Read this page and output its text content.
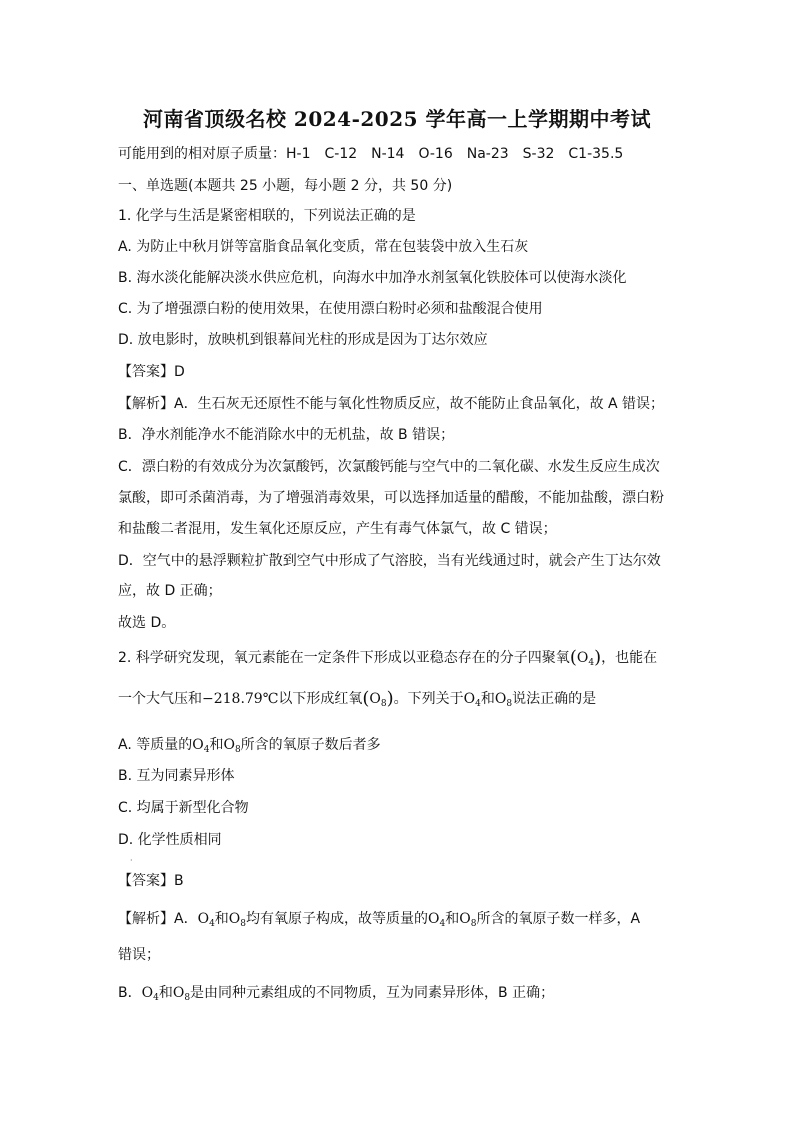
河南省顶级名校 2024-2025 学年高一上学期期中考试
可能用到的相对原子质量：H-1　C-12　N-14　O-16　Na-23　S-32　C1-35.5
一、单选题(本题共 25 小题，每小题 2 分，共 50 分)
1. 化学与生活是紧密相联的，下列说法正确的是
A. 为防止中秋月饼等富脂食品氧化变质，常在包装袋中放入生石灰
B. 海水淡化能解决淡水供应危机，向海水中加净水剂氢氧化铁胶体可以使海水淡化
C. 为了增强漂白粉的使用效果，在使用漂白粉时必须和盐酸混合使用
D. 放电影时，放映机到银幕间光柱的形成是因为丁达尔效应
【答案】D
【解析】A．生石灰无还原性不能与氧化性物质反应，故不能防止食品氧化，故 A 错误；
B．净水剂能净水不能消除水中的无机盐，故 B 错误；
C．漂白粉的有效成分为次氯酸钙，次氯酸钙能与空气中的二氧化碳、水发生反应生成次
氯酸，即可杀菌消毒，为了增强消毒效果，可以选择加适量的醋酸，不能加盐酸，漂白粉
和盐酸二者混用，发生氧化还原反应，产生有毒气体氯气，故 C 错误；
D．空气中的悬浮颗粒扩散到空气中形成了气溶胶，当有光线通过时，就会产生丁达尔效
应，故 D 正确；
故选 D。
2. 科学研究发现，氧元素能在一定条件下形成以亚稳态存在的分子四聚氧$(O_4)$，也能在
一个大气压和−218.79℃以下形成红氧$(O_8)$。下列关于$O_4$和$O_8$说法正确的是
A. 等质量的$O_4$和$O_8$所含的氧原子数后者多
B. 互为同素异形体
C. 均属于新型化合物
D. 化学性质相同
·
【答案】B
【解析】A．$O_4$和$O_8$均有氧原子构成，故等质量的$O_4$和$O_8$所含的氧原子数一样多，A
错误；
B．$O_4$和$O_8$是由同种元素组成的不同物质，互为同素异形体，B 正确；
